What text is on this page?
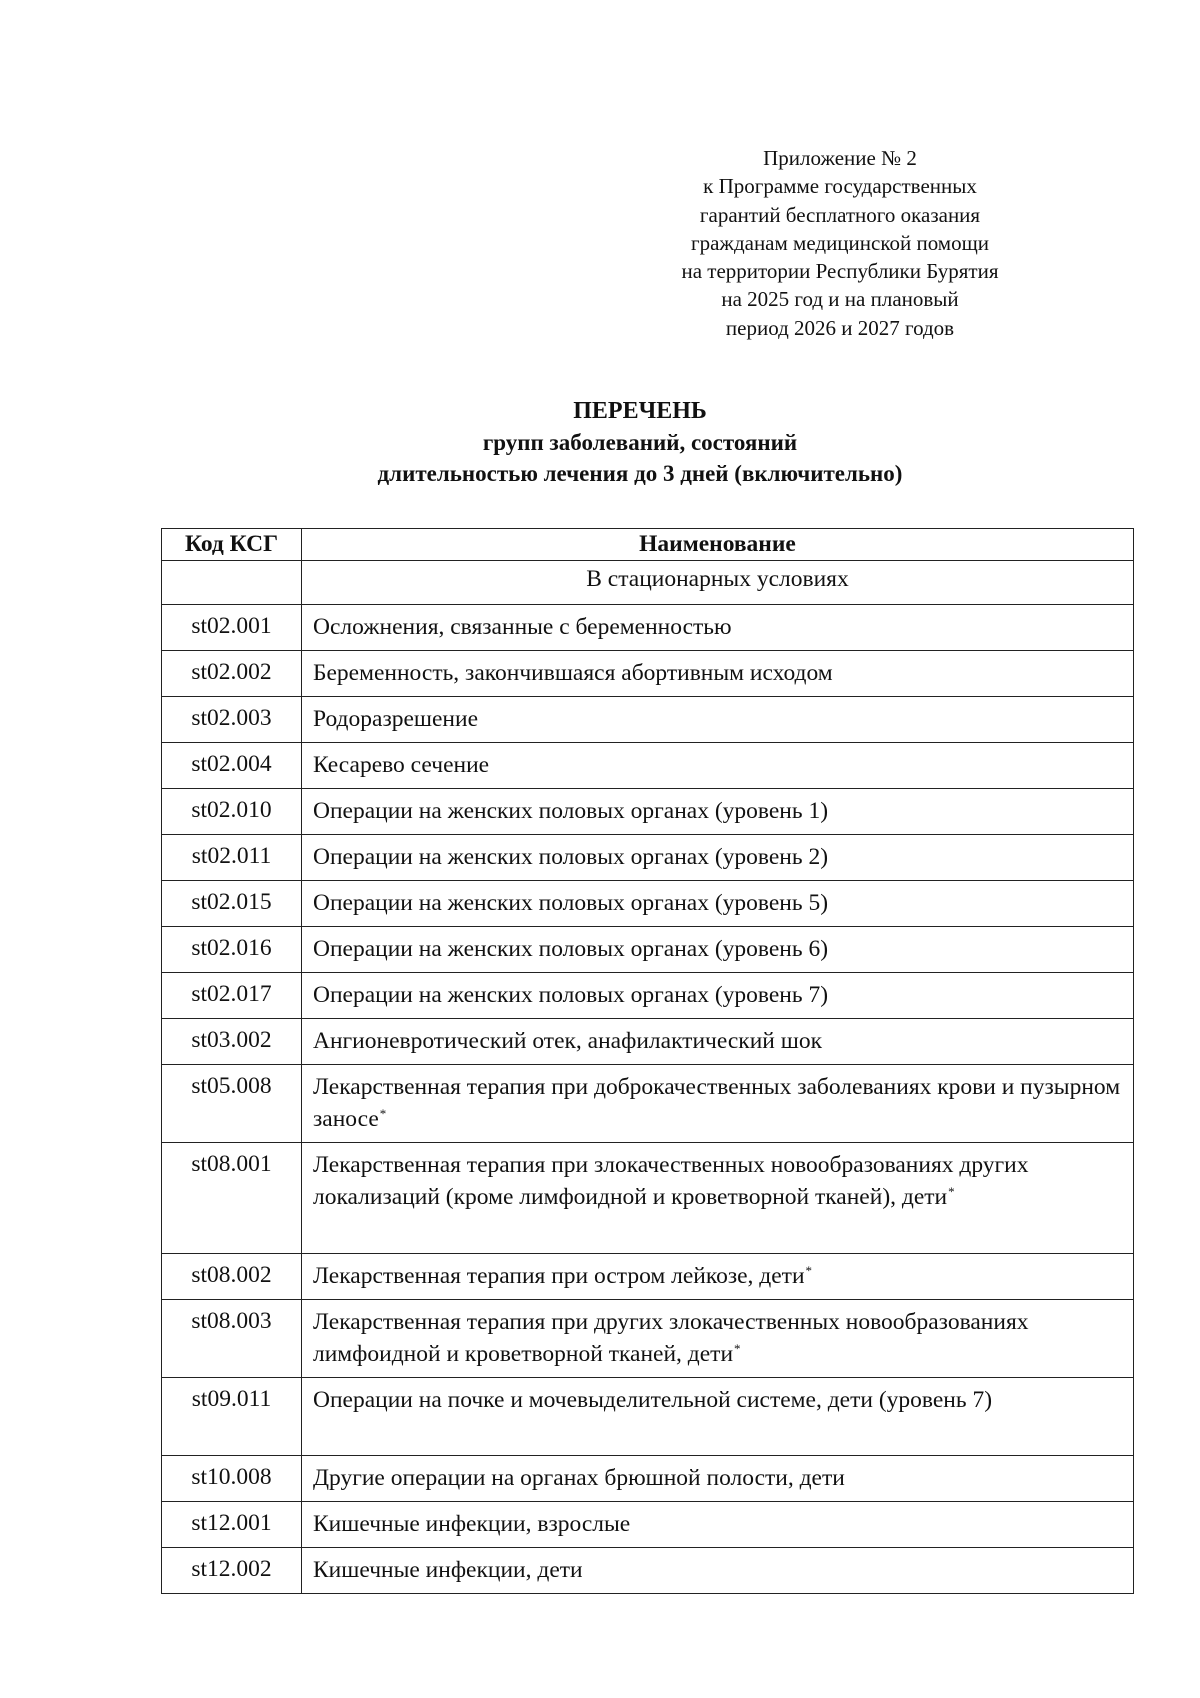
Приложение № 2
к Программе государственных
гарантий бесплатного оказания
гражданам медицинской помощи
на территории Республики Бурятия
на 2025 год и на плановый
период 2026 и 2027 годов
ПЕРЕЧЕНЬ
групп заболеваний, состояний
длительностью лечения до 3 дней (включительно)
Код КСГ	Наименование
	В стационарных условиях
st02.001	Осложнения, связанные с беременностью
st02.002	Беременность, закончившаяся абортивным исходом
st02.003	Родоразрешение
st02.004	Кесарево сечение
st02.010	Операции на женских половых органах (уровень 1)
st02.011	Операции на женских половых органах (уровень 2)
st02.015	Операции на женских половых органах (уровень 5)
st02.016	Операции на женских половых органах (уровень 6)
st02.017	Операции на женских половых органах (уровень 7)
st03.002	Ангионевротический отек, анафилактический шок
st05.008	Лекарственная терапия при доброкачественных заболеваниях крови и пузырном заносе*
st08.001	Лекарственная терапия при злокачественных новообразованиях других локализаций (кроме лимфоидной и кроветворной тканей), дети*
st08.002	Лекарственная терапия при остром лейкозе, дети*
st08.003	Лекарственная терапия при других злокачественных новообразованиях лимфоидной и кроветворной тканей, дети*
st09.011	Операции на почке и мочевыделительной системе, дети (уровень 7)
st10.008	Другие операции на органах брюшной полости, дети
st12.001	Кишечные инфекции, взрослые
st12.002	Кишечные инфекции, дети
